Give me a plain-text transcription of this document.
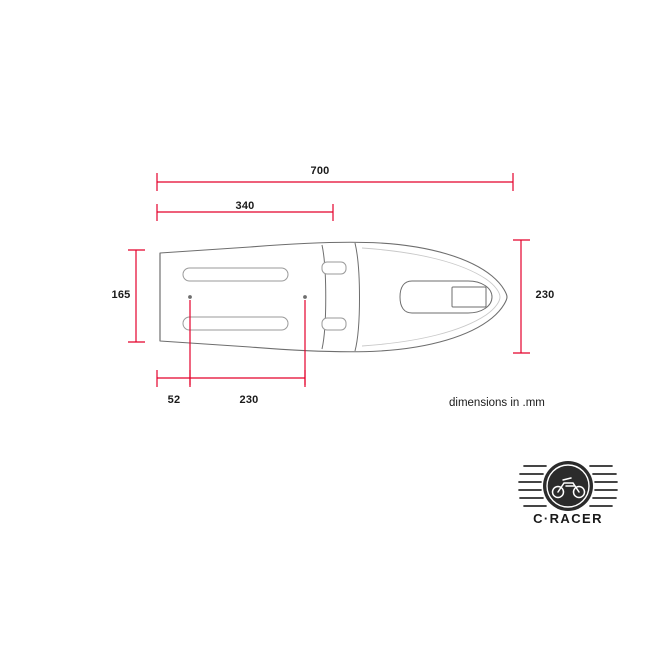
700
340
165	230
52	230	dimensions in .mm
C·RACER
